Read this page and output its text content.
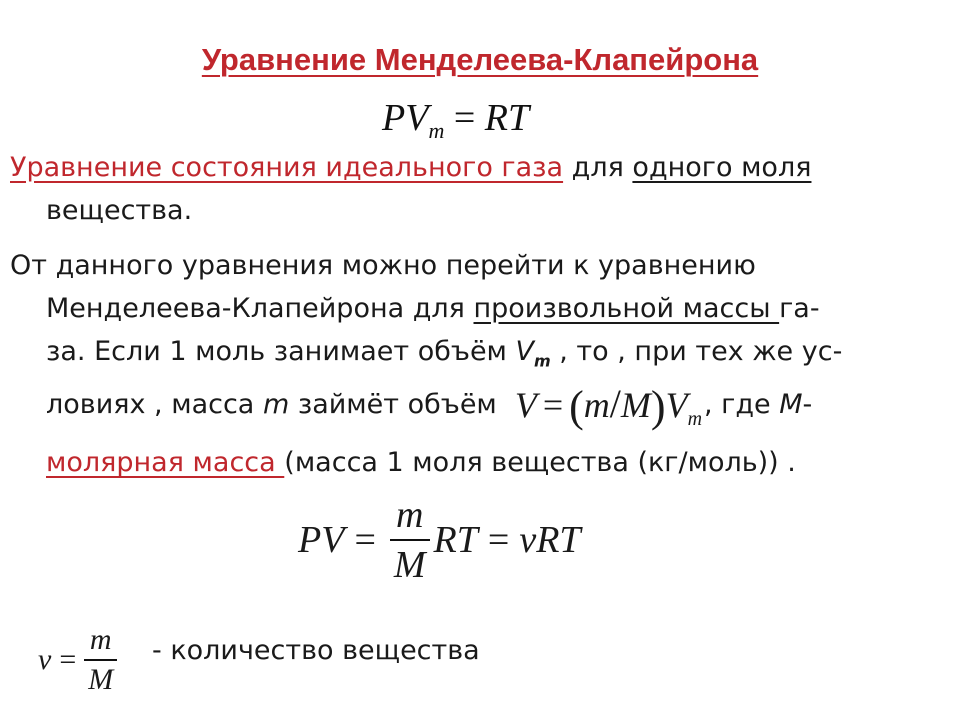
Уравнение Менделеева-Клапейрона
$PV_m$ = RT
Уравнение состояния идеального газа для одного моля
вещества.
От данного уравнения можно перейти к уравнению
Менделеева-Клапейрона для произвольной массы га-
за. Если 1 моль занимает объём $V_m$ , то , при тех же ус-
ловиях , масса m займёт объём $V = (m/M)V_m$, где M-
молярная масса (масса 1 моля вещества (кг/моль)) .
PV = $\frac{m}{M}$ RT = νRT
$\nu = \frac{m}{M}$ - количество вещества
